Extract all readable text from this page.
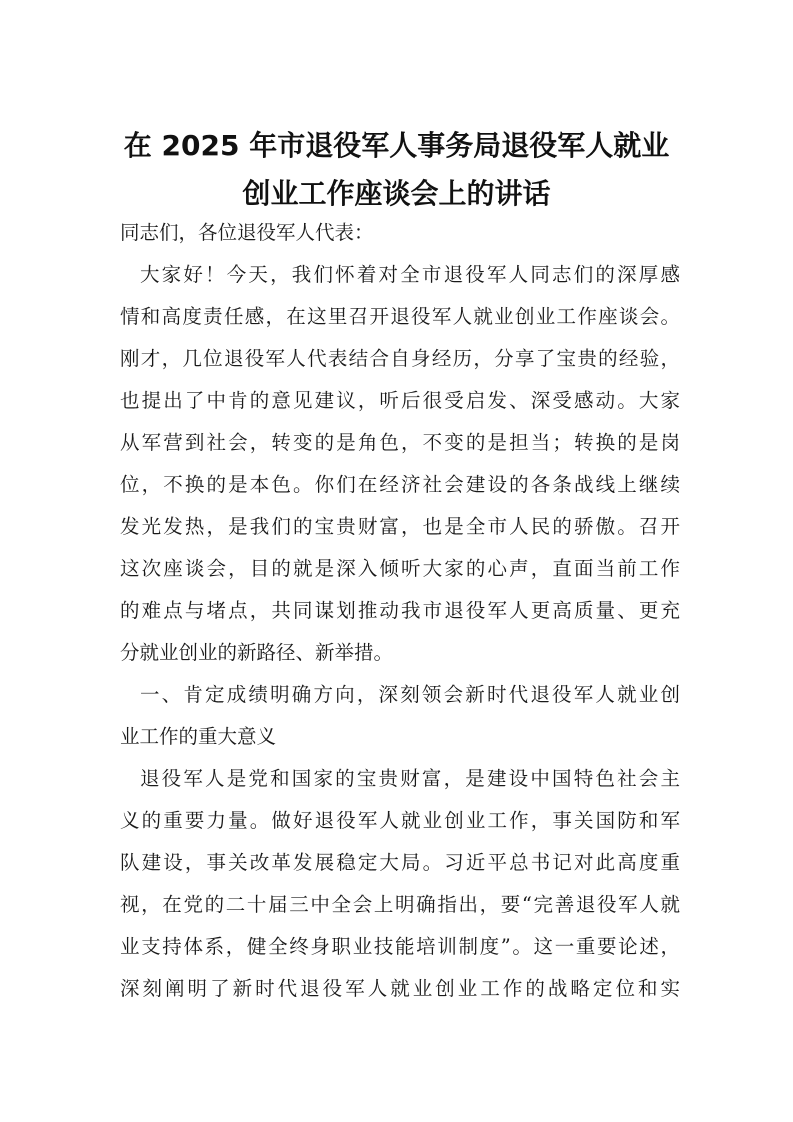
在 2025 年市退役军人事务局退役军人就业
创业工作座谈会上的讲话

同志们，各位退役军人代表：

大家好！今天，我们怀着对全市退役军人同志们的深厚感

情和高度责任感，在这里召开退役军人就业创业工作座谈会。

刚才，几位退役军人代表结合自身经历，分享了宝贵的经验，

也提出了中肯的意见建议，听后很受启发、深受感动。大家

从军营到社会，转变的是角色，不变的是担当；转换的是岗

位，不换的是本色。你们在经济社会建设的各条战线上继续

发光发热，是我们的宝贵财富，也是全市人民的骄傲。召开

这次座谈会，目的就是深入倾听大家的心声，直面当前工作

的难点与堵点，共同谋划推动我市退役军人更高质量、更充

分就业创业的新路径、新举措。

一、肯定成绩明确方向，深刻领会新时代退役军人就业创

业工作的重大意义

退役军人是党和国家的宝贵财富，是建设中国特色社会主

义的重要力量。做好退役军人就业创业工作，事关国防和军

队建设，事关改革发展稳定大局。习近平总书记对此高度重

视，在党的二十届三中全会上明确指出，要“完善退役军人就

业支持体系，健全终身职业技能培训制度”。这一重要论述，

深刻阐明了新时代退役军人就业创业工作的战略定位和实
